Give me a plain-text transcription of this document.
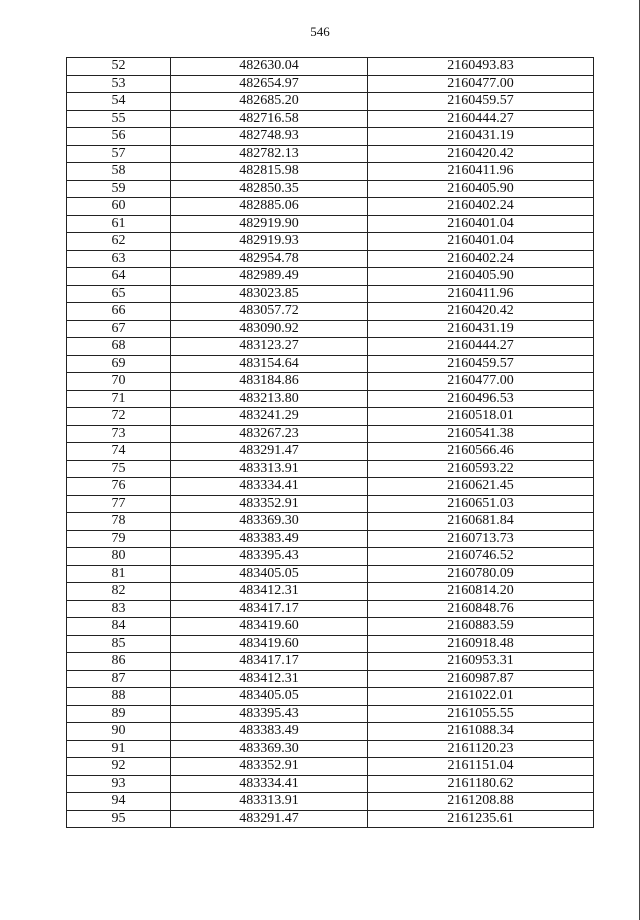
546
52	482630.04	2160493.83
53	482654.97	2160477.00
54	482685.20	2160459.57
55	482716.58	2160444.27
56	482748.93	2160431.19
57	482782.13	2160420.42
58	482815.98	2160411.96
59	482850.35	2160405.90
60	482885.06	2160402.24
61	482919.90	2160401.04
62	482919.93	2160401.04
63	482954.78	2160402.24
64	482989.49	2160405.90
65	483023.85	2160411.96
66	483057.72	2160420.42
67	483090.92	2160431.19
68	483123.27	2160444.27
69	483154.64	2160459.57
70	483184.86	2160477.00
71	483213.80	2160496.53
72	483241.29	2160518.01
73	483267.23	2160541.38
74	483291.47	2160566.46
75	483313.91	2160593.22
76	483334.41	2160621.45
77	483352.91	2160651.03
78	483369.30	2160681.84
79	483383.49	2160713.73
80	483395.43	2160746.52
81	483405.05	2160780.09
82	483412.31	2160814.20
83	483417.17	2160848.76
84	483419.60	2160883.59
85	483419.60	2160918.48
86	483417.17	2160953.31
87	483412.31	2160987.87
88	483405.05	2161022.01
89	483395.43	2161055.55
90	483383.49	2161088.34
91	483369.30	2161120.23
92	483352.91	2161151.04
93	483334.41	2161180.62
94	483313.91	2161208.88
95	483291.47	2161235.61
